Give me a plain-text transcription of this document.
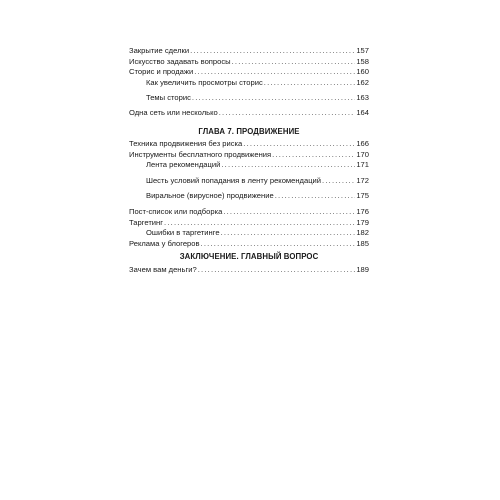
Закрытие сделки .....	157
Искусство задавать вопросы .....	158
Сторис и продажи .....	160
Как увеличить просмотры сторис .....	162
Темы сторис .....	163
Одна сеть или несколько .....	164
ГЛАВА 7. ПРОДВИЖЕНИЕ
Техника продвижения без риска .....	166
Инструменты бесплатного продвижения .....	170
Лента рекомендаций .....	171
Шесть условий попадания в ленту рекомендаций .....	172
Виральное (вирусное) продвижение .....	175
Пост-список или подборка .....	176
Таргетинг .....	179
Ошибки в таргетинге .....	182
Реклама у блогеров .....	185
ЗАКЛЮЧЕНИЕ. ГЛАВНЫЙ ВОПРОС
Зачем вам деньги? .....	189
